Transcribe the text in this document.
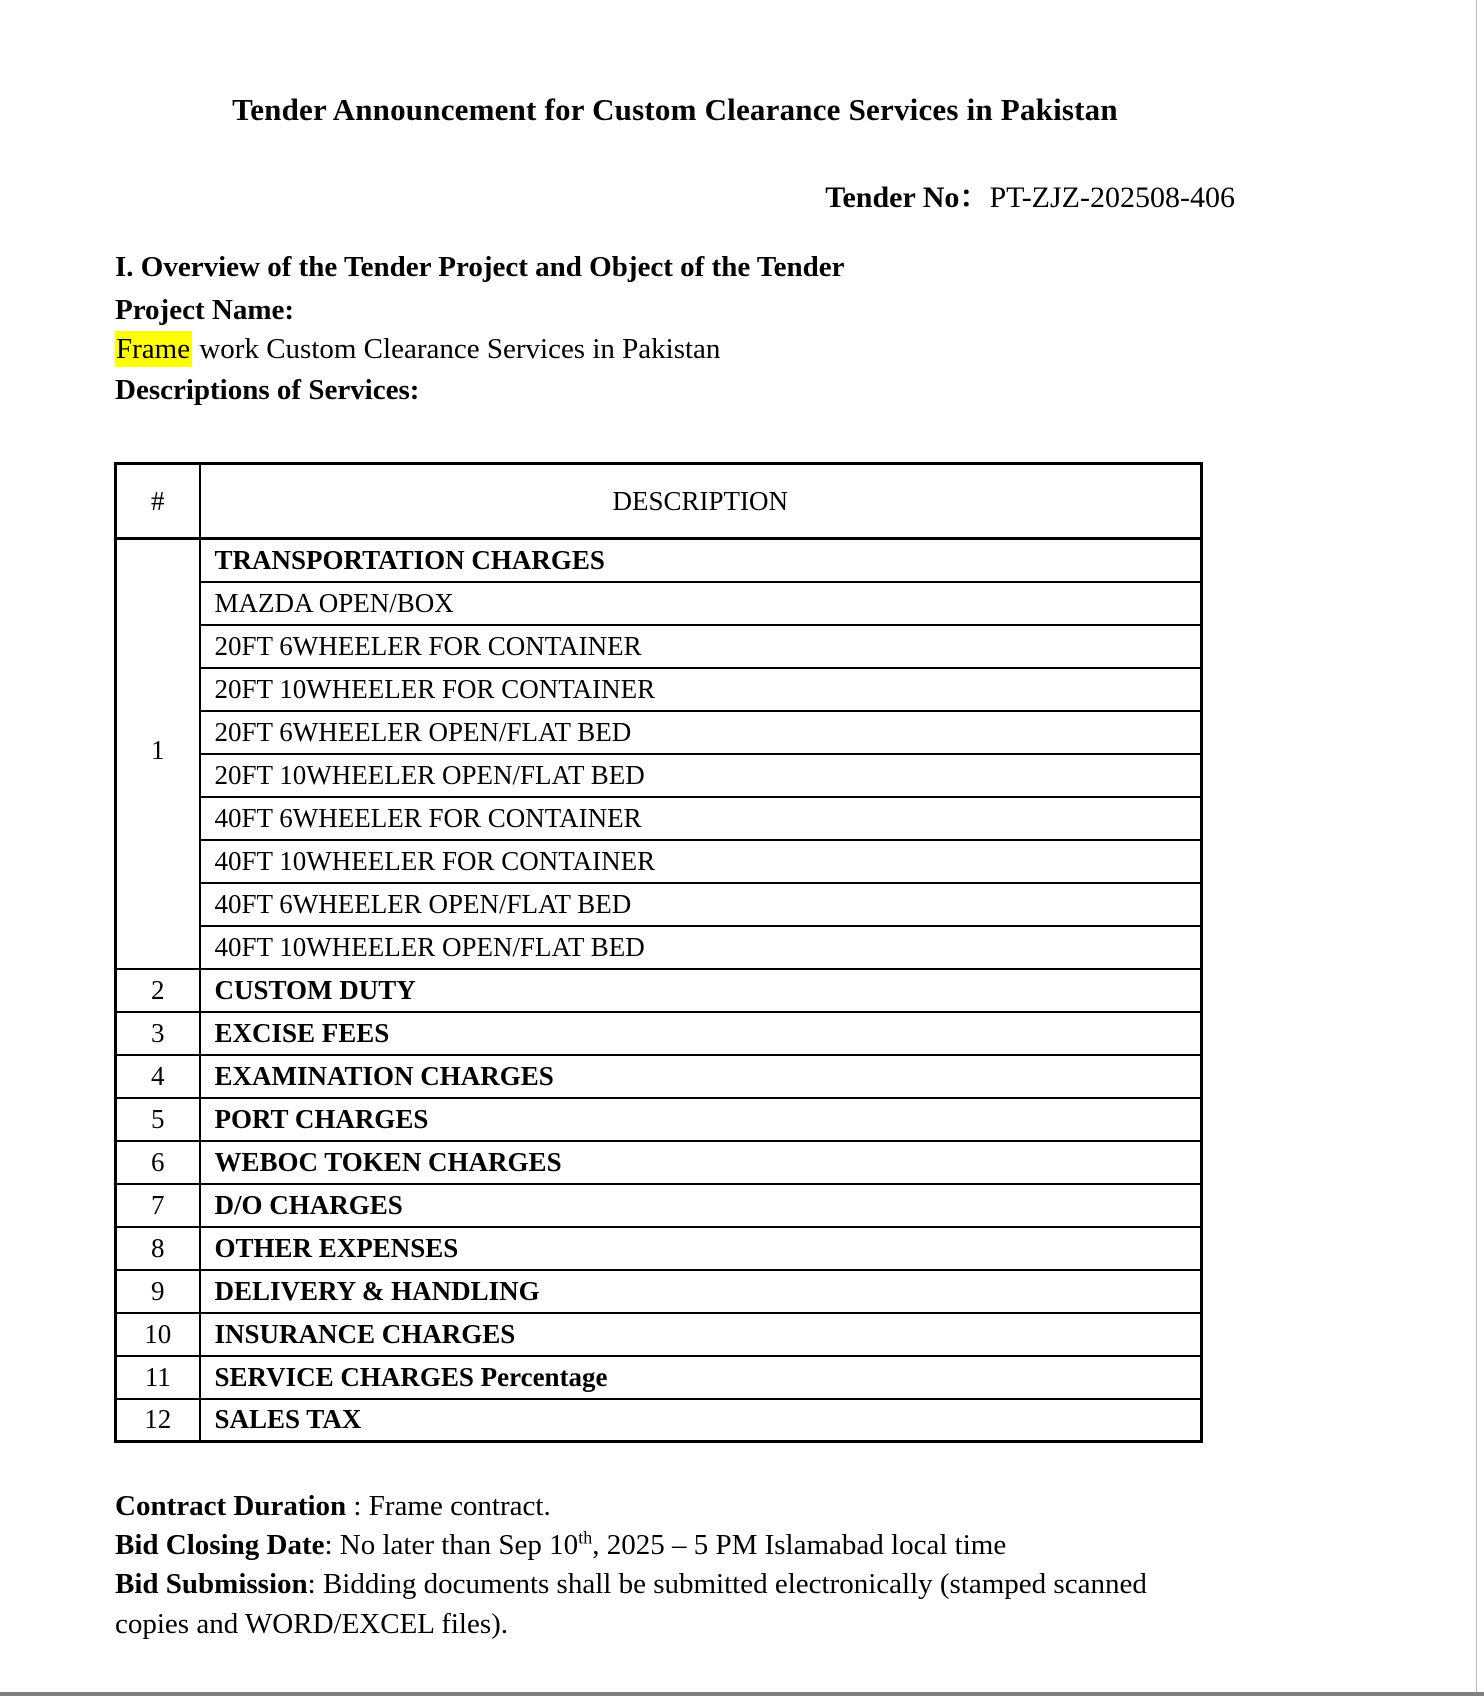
Tender Announcement for Custom Clearance Services in Pakistan
Tender No：PT-ZJZ-202508-406
I. Overview of the Tender Project and Object of the Tender
Project Name:
Frame work Custom Clearance Services in Pakistan
Descriptions of Services:
#	DESCRIPTION
1	TRANSPORTATION CHARGES
	MAZDA OPEN/BOX
	20FT 6WHEELER FOR CONTAINER
	20FT 10WHEELER FOR CONTAINER
	20FT 6WHEELER OPEN/FLAT BED
	20FT 10WHEELER OPEN/FLAT BED
	40FT 6WHEELER FOR CONTAINER
	40FT 10WHEELER FOR CONTAINER
	40FT 6WHEELER OPEN/FLAT BED
	40FT 10WHEELER OPEN/FLAT BED
2	CUSTOM DUTY
3	EXCISE FEES
4	EXAMINATION CHARGES
5	PORT CHARGES
6	WEBOC TOKEN CHARGES
7	D/O CHARGES
8	OTHER EXPENSES
9	DELIVERY & HANDLING
10	INSURANCE CHARGES
11	SERVICE CHARGES Percentage
12	SALES TAX
Contract Duration : Frame contract.
Bid Closing Date: No later than Sep 10th, 2025 – 5 PM Islamabad local time
Bid Submission: Bidding documents shall be submitted electronically (stamped scanned copies and WORD/EXCEL files).
